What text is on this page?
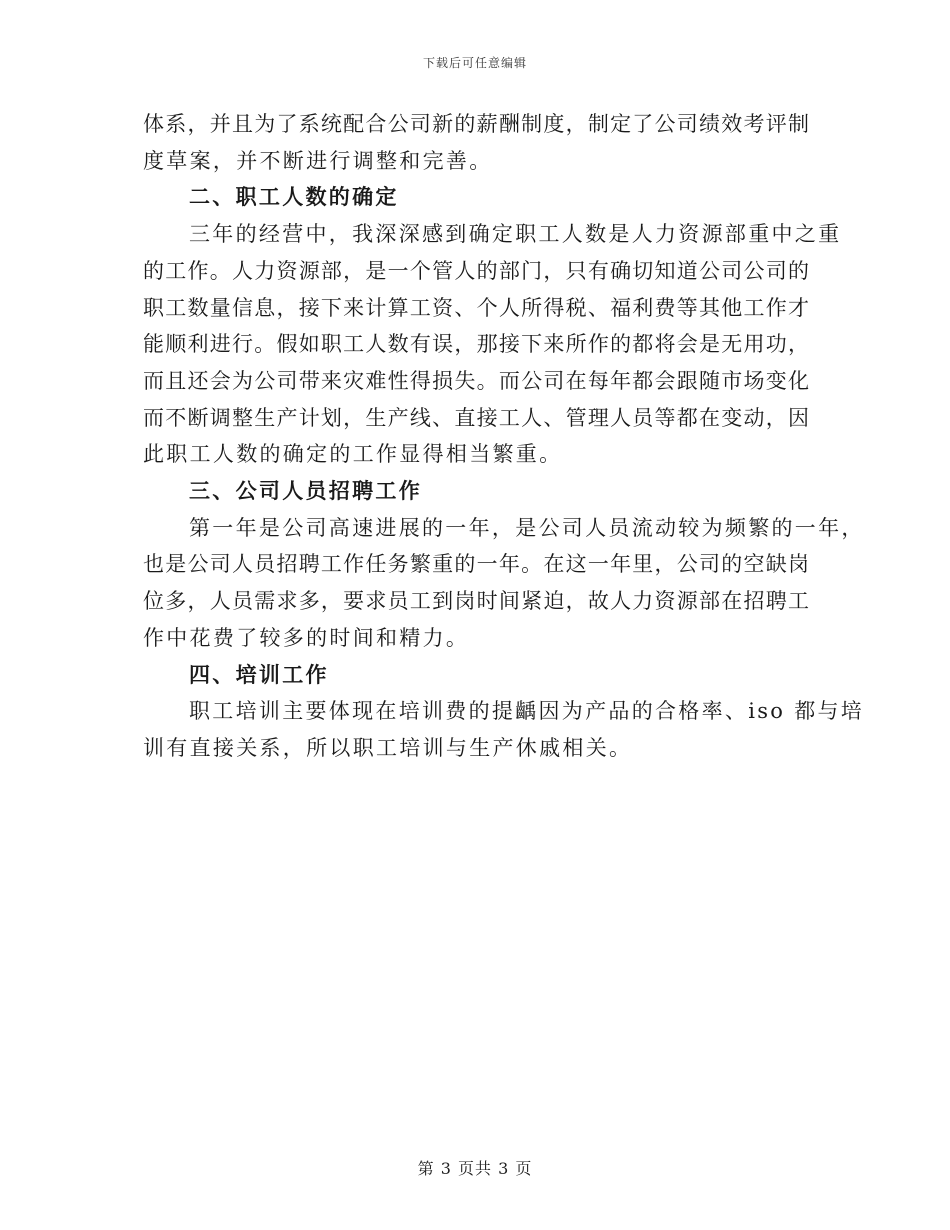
下载后可任意编辑

体系，并且为了系统配合公司新的薪酬制度，制定了公司绩效考评制

度草案，并不断进行调整和完善。

二、职工人数的确定

三年的经营中，我深深感到确定职工人数是人力资源部重中之重

的工作。人力资源部，是一个管人的部门，只有确切知道公司公司的

职工数量信息，接下来计算工资、个人所得税、福利费等其他工作才

能顺利进行。假如职工人数有误，那接下来所作的都将会是无用功，

而且还会为公司带来灾难性得损失。而公司在每年都会跟随市场变化

而不断调整生产计划，生产线、直接工人、管理人员等都在变动，因

此职工人数的确定的工作显得相当繁重。

三、公司人员招聘工作

第一年是公司高速进展的一年，是公司人员流动较为频繁的一年，

也是公司人员招聘工作任务繁重的一年。在这一年里，公司的空缺岗

位多，人员需求多，要求员工到岗时间紧迫，故人力资源部在招聘工

作中花费了较多的时间和精力。

四、培训工作

职工培训主要体现在培训费的提齲因为产品的合格率、iso 都与培

训有直接关系，所以职工培训与生产休戚相关。

第 3 页共 3 页
